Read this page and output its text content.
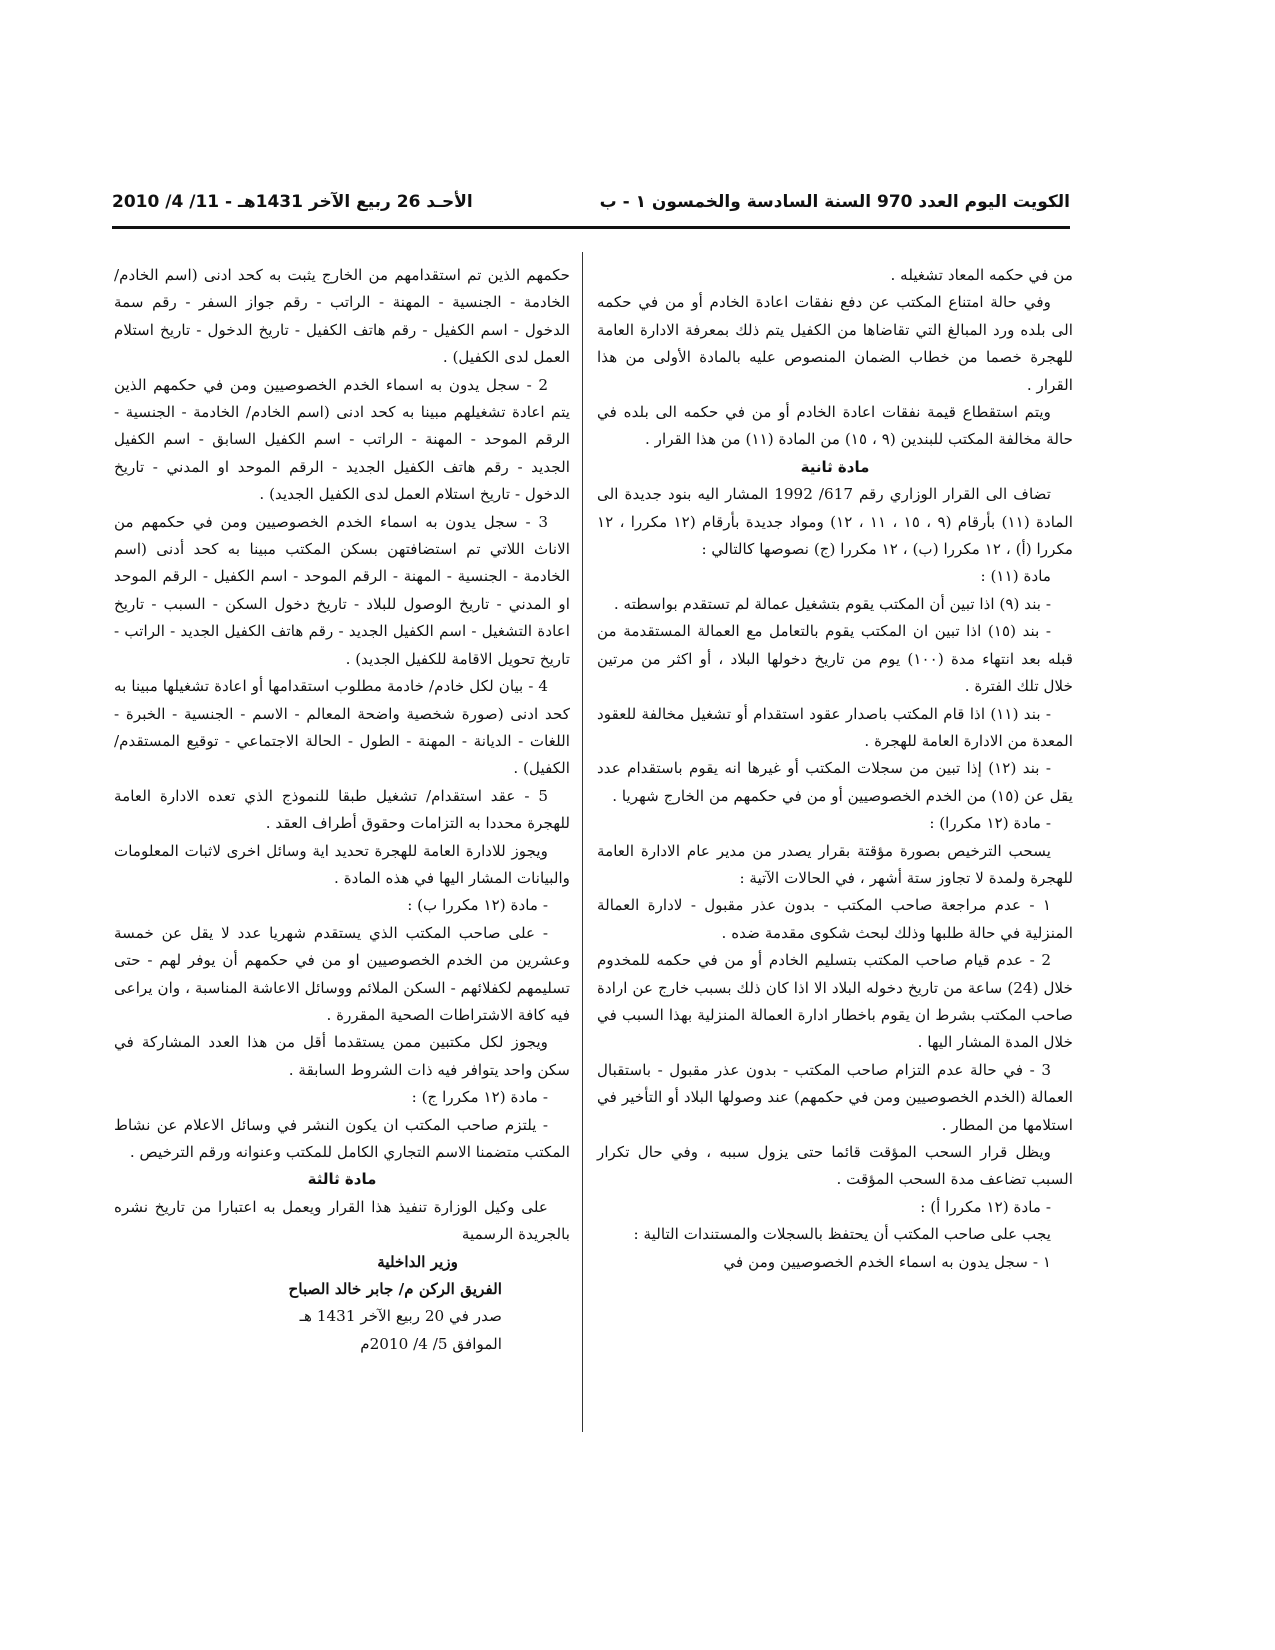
الكويت اليوم العدد 970 السنة السادسة والخمسون ١ - ب
الأحـد 26 ربيع الآخر 1431هـ - 11/ 4/ 2010

من في حكمه المعاد تشغيله .

وفي حالة امتناع المكتب عن دفع نفقات اعادة الخادم أو من في حكمه الى بلده ورد المبالغ التي تقاضاها من الكفيل يتم ذلك بمعرفة الادارة العامة للهجرة خصما من خطاب الضمان المنصوص عليه بالمادة الأولى من هذا القرار .

ويتم استقطاع قيمة نفقات اعادة الخادم أو من في حكمه الى بلده في حالة مخالفة المكتب للبندين (٩ ، ١٥) من المادة (١١) من هذا القرار .

مادة ثانية

تضاف الى القرار الوزاري رقم 617/ 1992 المشار اليه بنود جديدة الى المادة (١١) بأرقام (٩ ، ١٥ ، ١١ ، ١٢) ومواد جديدة بأرقام (١٢ مكررا ، ١٢ مكررا (أ) ، ١٢ مكررا (ب) ، ١٢ مكررا (ج) نصوصها كالتالي :

مادة (١١) :

- بند (٩) اذا تبين أن المكتب يقوم بتشغيل عمالة لم تستقدم بواسطته .

- بند (١٥) اذا تبين ان المكتب يقوم بالتعامل مع العمالة المستقدمة من قبله بعد انتهاء مدة (١٠٠) يوم من تاريخ دخولها البلاد ، أو اكثر من مرتين خلال تلك الفترة .

- بند (١١) اذا قام المكتب باصدار عقود استقدام أو تشغيل مخالفة للعقود المعدة من الادارة العامة للهجرة .

- بند (١٢) إذا تبين من سجلات المكتب أو غيرها انه يقوم باستقدام عدد يقل عن (١٥) من الخدم الخصوصيين أو من في حكمهم من الخارج شهريا .

- مادة (١٢ مكررا) :

يسحب الترخيص بصورة مؤقتة بقرار يصدر من مدير عام الادارة العامة للهجرة ولمدة لا تجاوز ستة أشهر ، في الحالات الآتية :

١ - عدم مراجعة صاحب المكتب - بدون عذر مقبول - لادارة العمالة المنزلية في حالة طلبها وذلك لبحث شكوى مقدمة ضده .

2 - عدم قيام صاحب المكتب بتسليم الخادم أو من في حكمه للمخدوم خلال (24) ساعة من تاريخ دخوله البلاد الا اذا كان ذلك بسبب خارج عن ارادة صاحب المكتب بشرط ان يقوم باخطار ادارة العمالة المنزلية بهذا السبب في خلال المدة المشار اليها .

3 - في حالة عدم التزام صاحب المكتب - بدون عذر مقبول - باستقبال العمالة (الخدم الخصوصيين ومن في حكمهم) عند وصولها البلاد أو التأخير في استلامها من المطار .

ويظل قرار السحب المؤقت قائما حتى يزول سببه ، وفي حال تكرار السبب تضاعف مدة السحب المؤقت .

- مادة (١٢ مكررا أ) :

يجب على صاحب المكتب أن يحتفظ بالسجلات والمستندات التالية :

١ - سجل يدون به اسماء الخدم الخصوصيين ومن في

حكمهم الذين تم استقدامهم من الخارج يثبت به كحد ادنى (اسم الخادم/ الخادمة - الجنسية - المهنة - الراتب - رقم جواز السفر - رقم سمة الدخول - اسم الكفيل - رقم هاتف الكفيل - تاريخ الدخول - تاريخ استلام العمل لدى الكفيل) .

2 - سجل يدون به اسماء الخدم الخصوصيين ومن في حكمهم الذين يتم اعادة تشغيلهم مبينا به كحد ادنى (اسم الخادم/ الخادمة - الجنسية - الرقم الموحد - المهنة - الراتب - اسم الكفيل السابق - اسم الكفيل الجديد - رقم هاتف الكفيل الجديد - الرقم الموحد او المدني - تاريخ الدخول - تاريخ استلام العمل لدى الكفيل الجديد) .

3 - سجل يدون به اسماء الخدم الخصوصيين ومن في حكمهم من الاناث اللاتي تم استضافتهن بسكن المكتب مبينا به كحد أدنى (اسم الخادمة - الجنسية - المهنة - الرقم الموحد - اسم الكفيل - الرقم الموحد او المدني - تاريخ الوصول للبلاد - تاريخ دخول السكن - السبب - تاريخ اعادة التشغيل - اسم الكفيل الجديد - رقم هاتف الكفيل الجديد - الراتب - تاريخ تحويل الاقامة للكفيل الجديد) .

4 - بيان لكل خادم/ خادمة مطلوب استقدامها أو اعادة تشغيلها مبينا به كحد ادنى (صورة شخصية واضحة المعالم - الاسم - الجنسية - الخبرة - اللغات - الديانة - المهنة - الطول - الحالة الاجتماعي - توقيع المستقدم/ الكفيل) .

5 - عقد استقدام/ تشغيل طبقا للنموذج الذي تعده الادارة العامة للهجرة محددا به التزامات وحقوق أطراف العقد .

ويجوز للادارة العامة للهجرة تحديد اية وسائل اخرى لاثبات المعلومات والبيانات المشار اليها في هذه المادة .

- مادة (١٢ مكررا ب) :

- على صاحب المكتب الذي يستقدم شهريا عدد لا يقل عن خمسة وعشرين من الخدم الخصوصيين او من في حكمهم أن يوفر لهم - حتى تسليمهم لكفلائهم - السكن الملائم ووسائل الاعاشة المناسبة ، وان يراعى فيه كافة الاشتراطات الصحية المقررة .

ويجوز لكل مكتبين ممن يستقدما أقل من هذا العدد المشاركة في سكن واحد يتوافر فيه ذات الشروط السابقة .

- مادة (١٢ مكررا ج) :

- يلتزم صاحب المكتب ان يكون النشر في وسائل الاعلام عن نشاط المكتب متضمنا الاسم التجاري الكامل للمكتب وعنوانه ورقم الترخيص .

مادة ثالثة

على وكيل الوزارة تنفيذ هذا القرار ويعمل به اعتبارا من تاريخ نشره بالجريدة الرسمية

وزير الداخلية

الفريق الركن م/ جابر خالد الصباح

صدر في 20 ربيع الآخر 1431 هـ

الموافق 5/ 4/ 2010م
